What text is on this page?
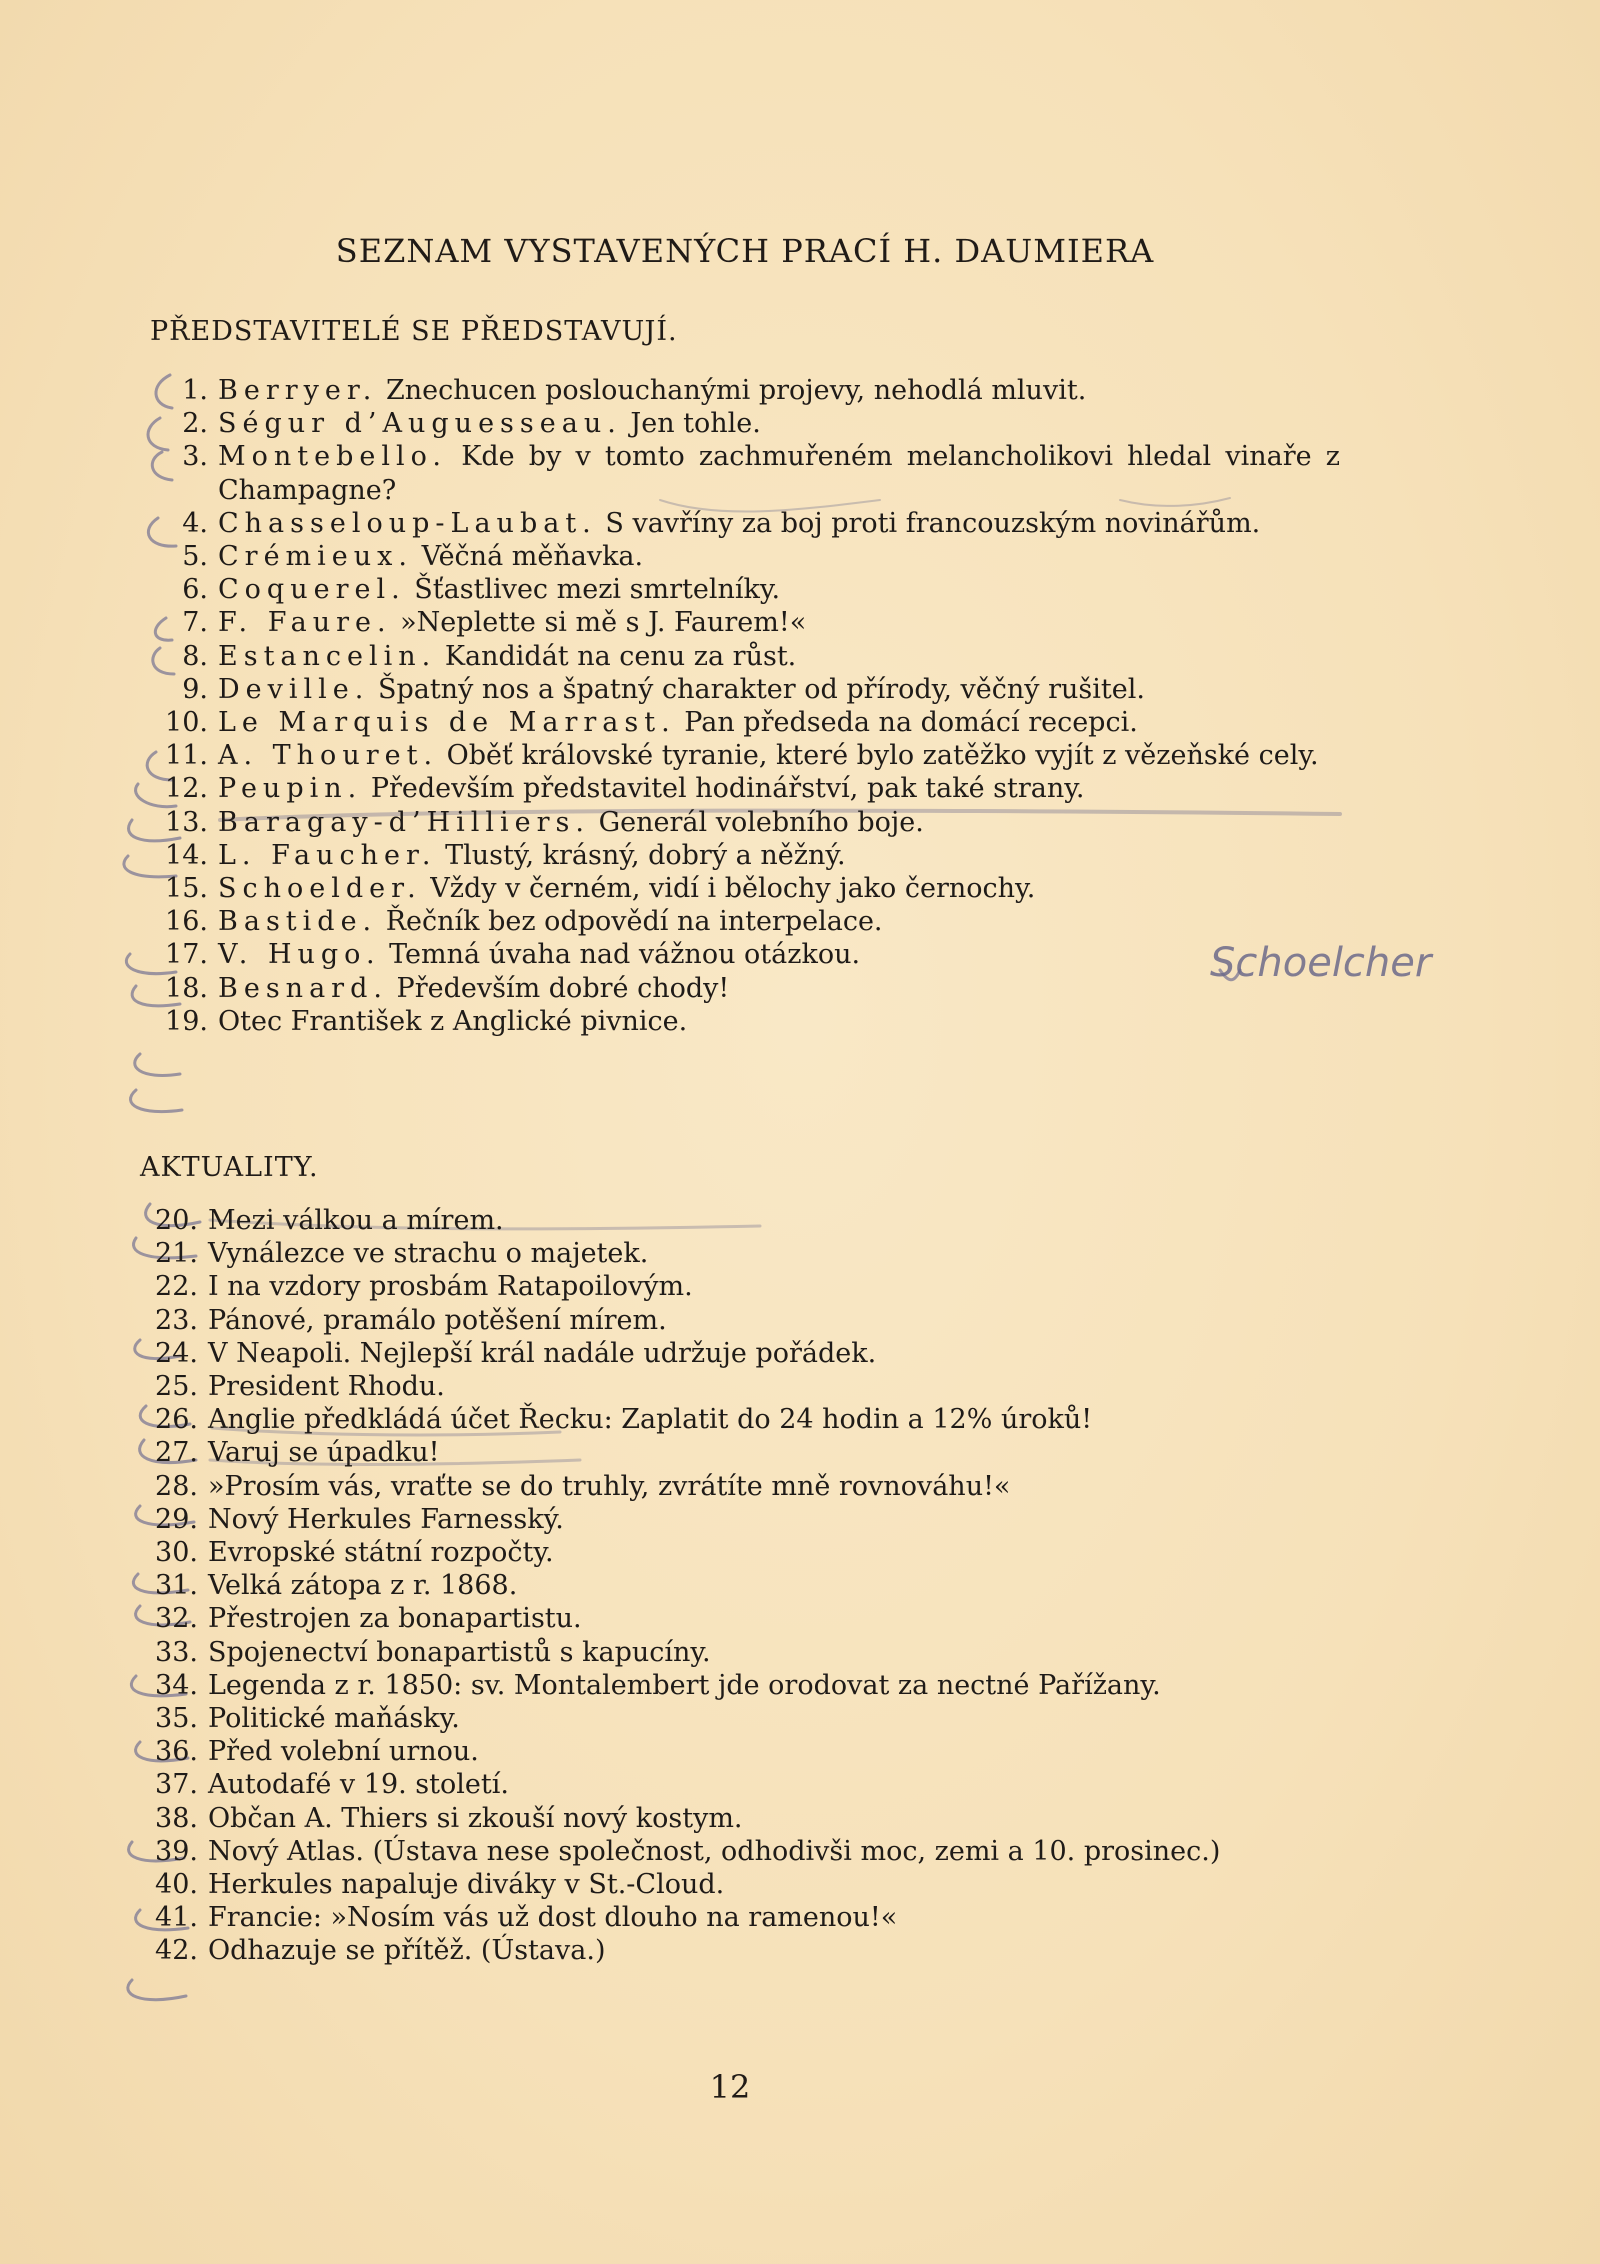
SEZNAM VYSTAVENÝCH PRACÍ H. DAUMIERA
PŘEDSTAVITELÉ SE PŘEDSTAVUJÍ.
1. Berryer. Znechucen poslouchanými projevy, nehodlá mluvit.
2. Ségur d’Auguesseau. Jen tohle.
3. Montebello. Kde by v tomto zachmuřeném melancholikovi hledal vinaře z Champagne?
4. Chasseloup-Laubat. S vavříny za boj proti francouzským novinářům.
5. Crémieux. Věčná měňavka.
6. Coquerel. Šťastlivec mezi smrtelníky.
7. F. Faure. »Neplette si mě s J. Faurem!«
8. Estancelin. Kandidát na cenu za růst.
9. Deville. Špatný nos a špatný charakter od přírody, věčný rušitel.
10. Le Marquis de Marrast. Pan předseda na domácí recepci.
11. A. Thouret. Oběť královské tyranie, které bylo zatěžko vyjít z vězeňské cely.
12. Peupin. Především představitel hodinářství, pak také strany.
13. Baragay-d’Hilliers. Generál volebního boje.
14. L. Faucher. Tlustý, krásný, dobrý a něžný.
15. Schoelder. Vždy v černém, vidí i bělochy jako černochy.
16. Bastide. Řečník bez odpovědí na interpelace.
17. V. Hugo. Temná úvaha nad vážnou otázkou.
18. Besnard. Především dobré chody!
19. Otec František z Anglické pivnice.
AKTUALITY.
20. Mezi válkou a mírem.
21. Vynálezce ve strachu o majetek.
22. I na vzdory prosbám Ratapoilovým.
23. Pánové, pramálo potěšení mírem.
24. V Neapoli. Nejlepší král nadále udržuje pořádek.
25. President Rhodu.
26. Anglie předkládá účet Řecku: Zaplatit do 24 hodin a 12% úroků!
27. Varuj se úpadku!
28. »Prosím vás, vraťte se do truhly, zvrátíte mně rovnováhu!«
29. Nový Herkules Farnesský.
30. Evropské státní rozpočty.
31. Velká zátopa z r. 1868.
32. Přestrojen za bonapartistu.
33. Spojenectví bonapartistů s kapucíny.
34. Legenda z r. 1850: sv. Montalembert jde orodovat za nectné Pařížany.
35. Politické maňásky.
36. Před volební urnou.
37. Autodafé v 19. století.
38. Občan A. Thiers si zkouší nový kostym.
39. Nový Atlas. (Ústava nese společnost, odhodivši moc, zemi a 10. prosinec.)
40. Herkules napaluje diváky v St.-Cloud.
41. Francie: »Nosím vás už dost dlouho na ramenou!«
42. Odhazuje se přítěž. (Ústava.)
Schoelcher
12
